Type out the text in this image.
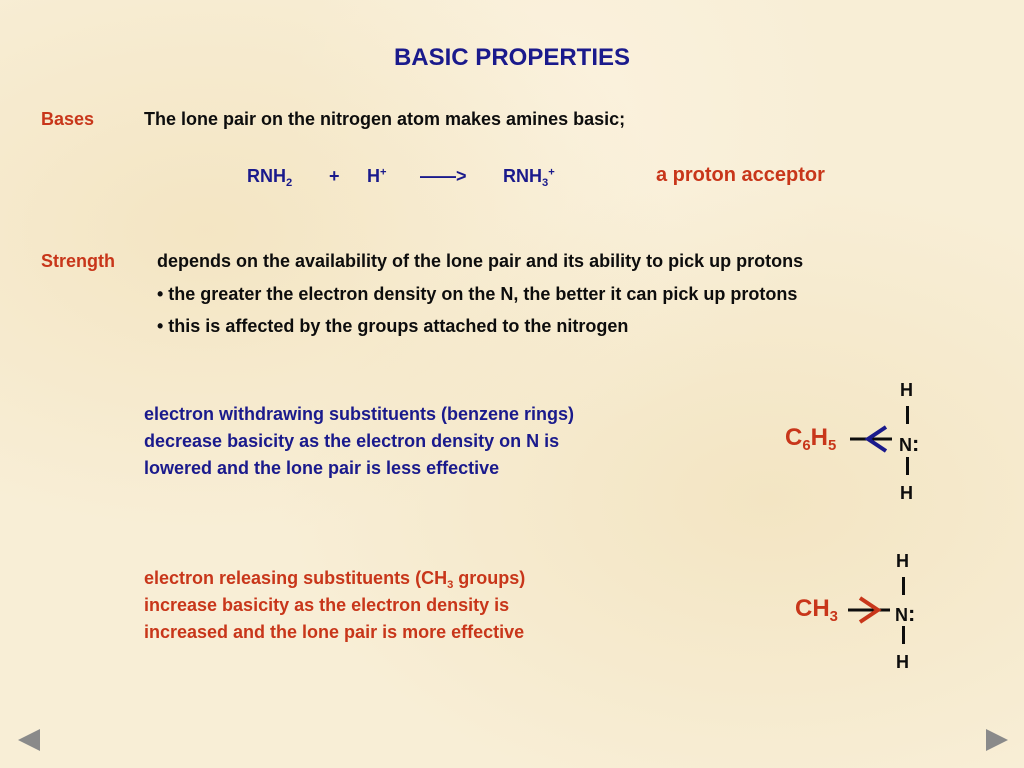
BASIC PROPERTIES
Bases	The lone pair on the nitrogen atom makes amines basic;
$RNH_2 + H^+$ ——> $RNH_3^+$	a proton acceptor
Strength depends on the availability of the lone pair and its ability to pick up protons
• the greater the electron density on the N, the better it can pick up protons
• this is affected by the groups attached to the nitrogen
electron withdrawing substituents (benzene rings)
decrease basicity as the electron density on N is
lowered and the lone pair is less effective
H
N:
H
$C_6H_5$
electron releasing substituents ($CH_3$ groups)
increase basicity as the electron density is
increased and the lone pair is more effective
H
N:
H
$CH_3$
